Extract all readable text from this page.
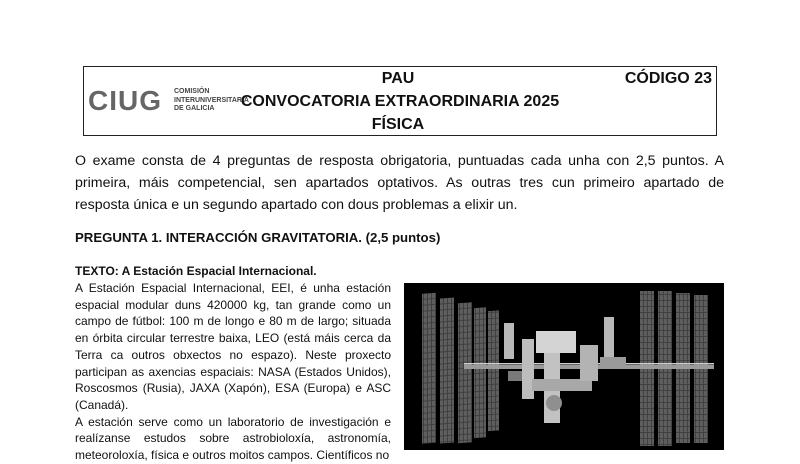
CIUG COMISIÓN
INTERUNIVERSITARIA
DE GALICIA
PAU
CONVOCATORIA EXTRAORDINARIA 2025
FÍSICA
CÓDIGO 23
O exame consta de 4 preguntas de resposta obrigatoria, puntuadas cada unha con 2,5 puntos. A primeira, máis competencial, sen apartados optativos. As outras tres cun primeiro apartado de resposta única e un segundo apartado con dous problemas a elixir un.
PREGUNTA 1. INTERACCIÓN GRAVITATORIA. (2,5 puntos)
TEXTO: A Estación Espacial Internacional.

A Estación Espacial Internacional, EEI, é unha estación espacial modular duns 420000 kg, tan grande como un campo de fútbol: 100 m de longo e 80 m de largo; situada en órbita circular terrestre baixa, LEO (está máis cerca da Terra ca outros obxectos no espazo). Neste proxecto participan as axencias espaciais: NASA (Estados Unidos), Roscosmos (Rusia), JAXA (Xapón), ESA (Europa) e ASC (Canadá).

A estación serve como un laboratorio de investigación e realízanse estudos sobre astrobioloxía, astronomía, meteoroloxía, física e outros moitos campos. Científicos no
